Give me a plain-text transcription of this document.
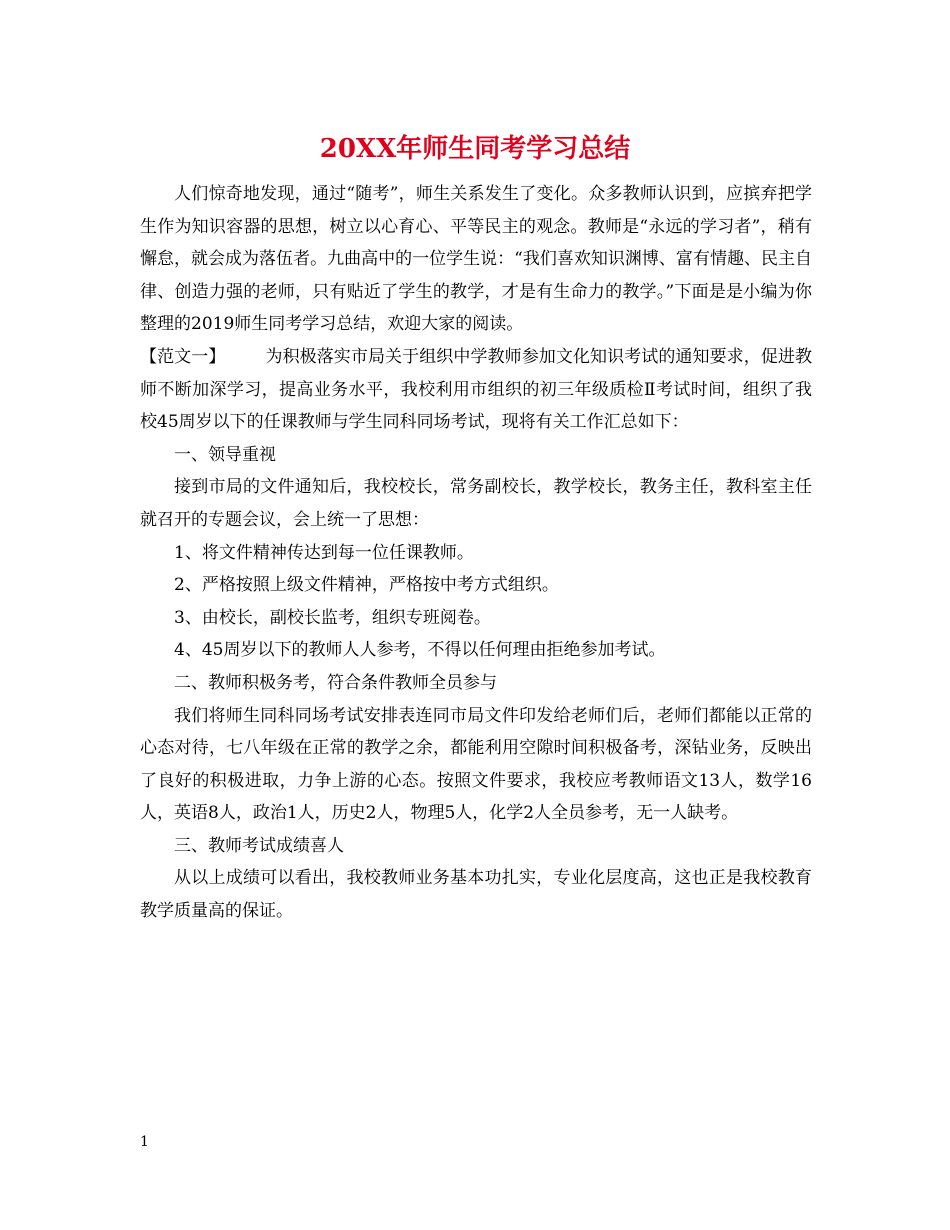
20XX年师生同考学习总结

人们惊奇地发现，通过“随考”，师生关系发生了变化。众多教师认识到，应摈弃把学生作为知识容器的思想，树立以心育心、平等民主的观念。教师是“永远的学习者”，稍有懈怠，就会成为落伍者。九曲高中的一位学生说：“我们喜欢知识渊博、富有情趣、民主自律、创造力强的老师，只有贴近了学生的教学，才是有生命力的教学。”下面是是小编为你整理的2019师生同考学习总结，欢迎大家的阅读。

【范文一】 为积极落实市局关于组织中学教师参加文化知识考试的通知要求，促进教师不断加深学习，提高业务水平，我校利用市组织的初三年级质检Ⅱ考试时间，组织了我校45周岁以下的任课教师与学生同科同场考试，现将有关工作汇总如下：

一、领导重视

接到市局的文件通知后，我校校长，常务副校长，教学校长，教务主任，教科室主任就召开的专题会议，会上统一了思想：

1、将文件精神传达到每一位任课教师。

2、严格按照上级文件精神，严格按中考方式组织。

3、由校长，副校长监考，组织专班阅卷。

4、45周岁以下的教师人人参考，不得以任何理由拒绝参加考试。

二、教师积极务考，符合条件教师全员参与

我们将师生同科同场考试安排表连同市局文件印发给老师们后，老师们都能以正常的心态对待，七八年级在正常的教学之余，都能利用空隙时间积极备考，深钻业务，反映出了良好的积极进取，力争上游的心态。按照文件要求，我校应考教师语文13人，数学16人，英语8人，政治1人，历史2人，物理5人，化学2人全员参考，无一人缺考。

三、教师考试成绩喜人

从以上成绩可以看出，我校教师业务基本功扎实，专业化层度高，这也正是我校教育教学质量高的保证。

1
